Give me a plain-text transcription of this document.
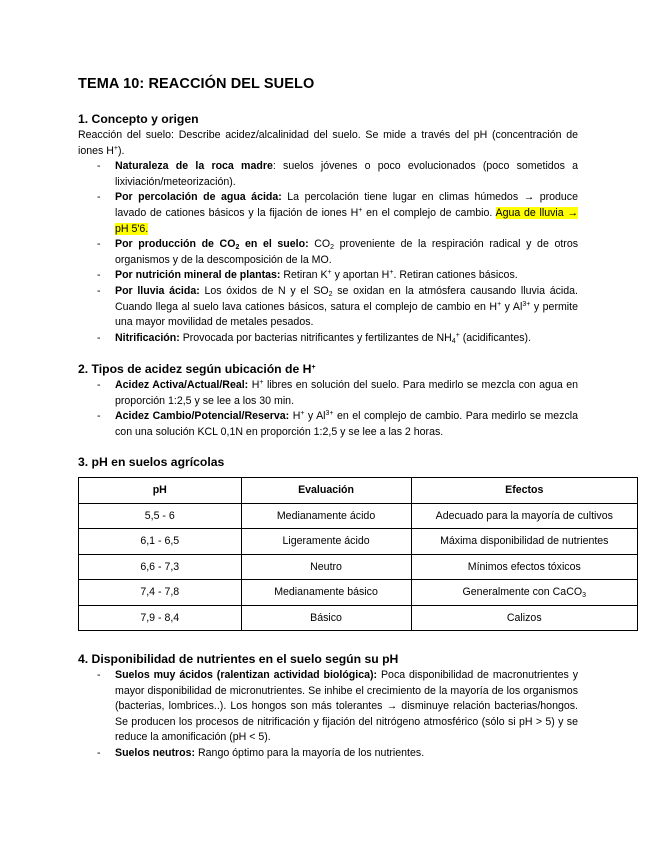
TEMA 10: REACCIÓN DEL SUELO
1. Concepto y origen
Reacción del suelo: Describe acidez/alcalinidad del suelo. Se mide a través del pH (concentración de iones H+).
- Naturaleza de la roca madre: suelos jóvenes o poco evolucionados (poco sometidos a lixiviación/meteorización).
- Por percolación de agua ácida: La percolación tiene lugar en climas húmedos → produce lavado de cationes básicos y la fijación de iones H+ en el complejo de cambio. Agua de lluvia → pH 5'6.
- Por producción de $CO_2$ en el suelo: $CO_2$ proveniente de la respiración radical y de otros organismos y de la descomposición de la MO.
- Por nutrición mineral de plantas: Retiran K+ y aportan H+. Retiran cationes básicos.
- Por lluvia ácida: Los óxidos de N y el $SO_2$ se oxidan en la atmósfera causando lluvia ácida. Cuando llega al suelo lava cationes básicos, satura el complejo de cambio en H+ y $Al^{3+}$ y permite una mayor movilidad de metales pesados.
- Nitrificación: Provocada por bacterias nitrificantes y fertilizantes de $NH_4^+$ (acidificantes).
2. Tipos de acidez según ubicación de H+
- Acidez Activa/Actual/Real: H+ libres en solución del suelo. Para medirlo se mezcla con agua en proporción 1:2,5 y se lee a los 30 min.
- Acidez Cambio/Potencial/Reserva: H+ y $Al^{3+}$ en el complejo de cambio. Para medirlo se mezcla con una solución KCL 0,1N en proporción 1:2,5 y se lee a las 2 horas.
3. pH en suelos agrícolas
pH	Evaluación	Efectos
5,5 - 6	Medianamente ácido	Adecuado para la mayoría de cultivos
6,1 - 6,5	Ligeramente ácido	Máxima disponibilidad de nutrientes
6,6 - 7,3	Neutro	Mínimos efectos tóxicos
7,4 - 7,8	Medianamente básico	Generalmente con CaCO$_3$
7,9 - 8,4	Básico	Calizos
4. Disponibilidad de nutrientes en el suelo según su pH
- Suelos muy ácidos (ralentizan actividad biológica): Poca disponibilidad de macronutrientes y mayor disponibilidad de micronutrientes. Se inhibe el crecimiento de la mayoría de los organismos (bacterias, lombrices..). Los hongos son más tolerantes → disminuye relación bacterias/hongos. Se producen los procesos de nitrificación y fijación del nitrógeno atmosférico (sólo si pH > 5) y se reduce la amonificación (pH < 5).
- Suelos neutros: Rango óptimo para la mayoría de los nutrientes.
